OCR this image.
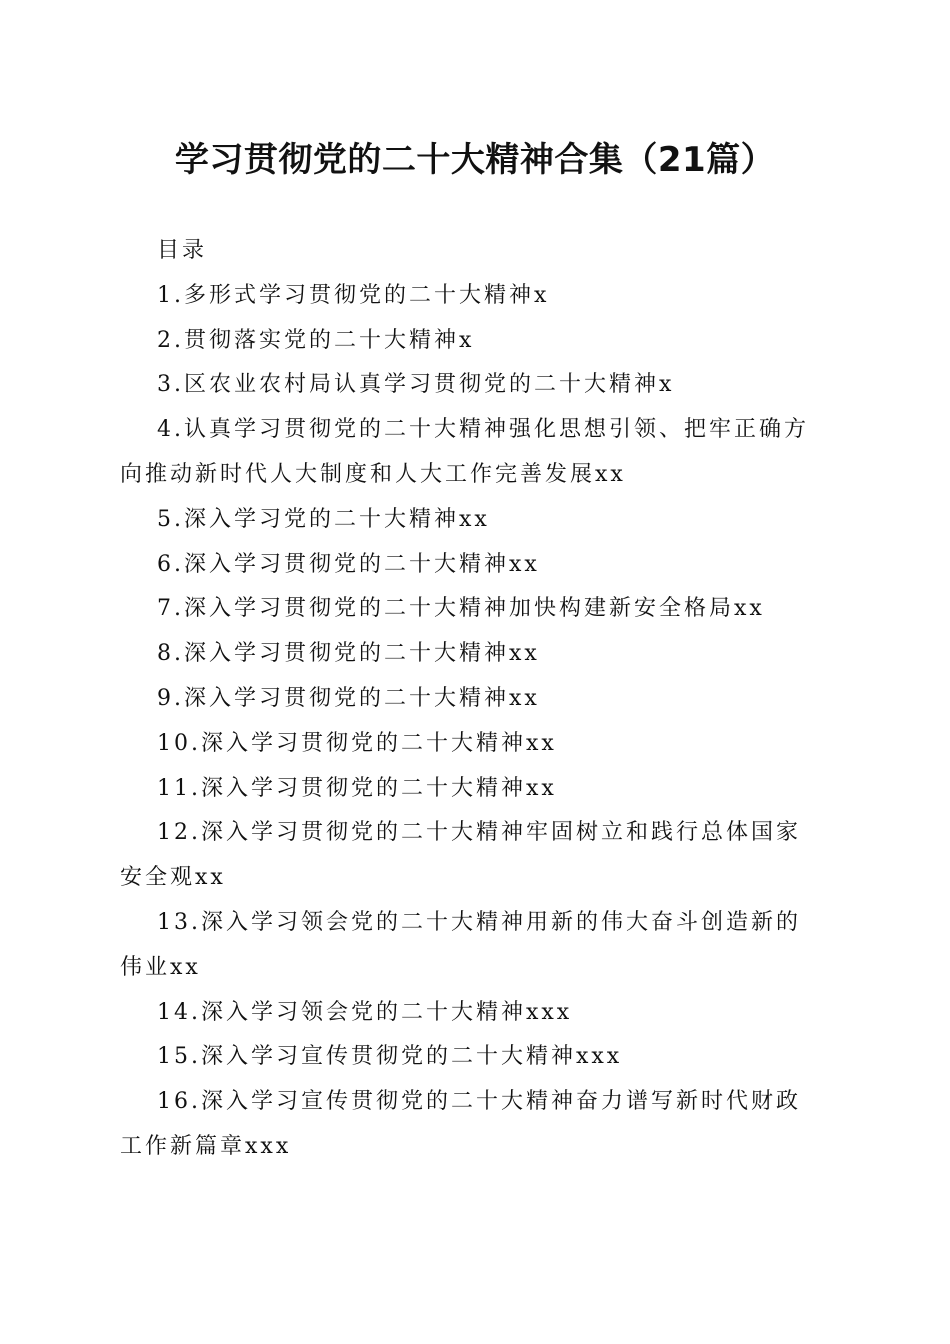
学习贯彻党的二十大精神合集（21篇）

目录

1.多形式学习贯彻党的二十大精神x

2.贯彻落实党的二十大精神x

3.区农业农村局认真学习贯彻党的二十大精神x

4.认真学习贯彻党的二十大精神强化思想引领、把牢正确方向推动新时代人大制度和人大工作完善发展xx

5.深入学习党的二十大精神xx

6.深入学习贯彻党的二十大精神xx

7.深入学习贯彻党的二十大精神加快构建新安全格局xx

8.深入学习贯彻党的二十大精神xx

9.深入学习贯彻党的二十大精神xx

10.深入学习贯彻党的二十大精神xx

11.深入学习贯彻党的二十大精神xx

12.深入学习贯彻党的二十大精神牢固树立和践行总体国家安全观xx

13.深入学习领会党的二十大精神用新的伟大奋斗创造新的伟业xx

14.深入学习领会党的二十大精神xxx

15.深入学习宣传贯彻党的二十大精神xxx

16.深入学习宣传贯彻党的二十大精神奋力谱写新时代财政工作新篇章xxx
